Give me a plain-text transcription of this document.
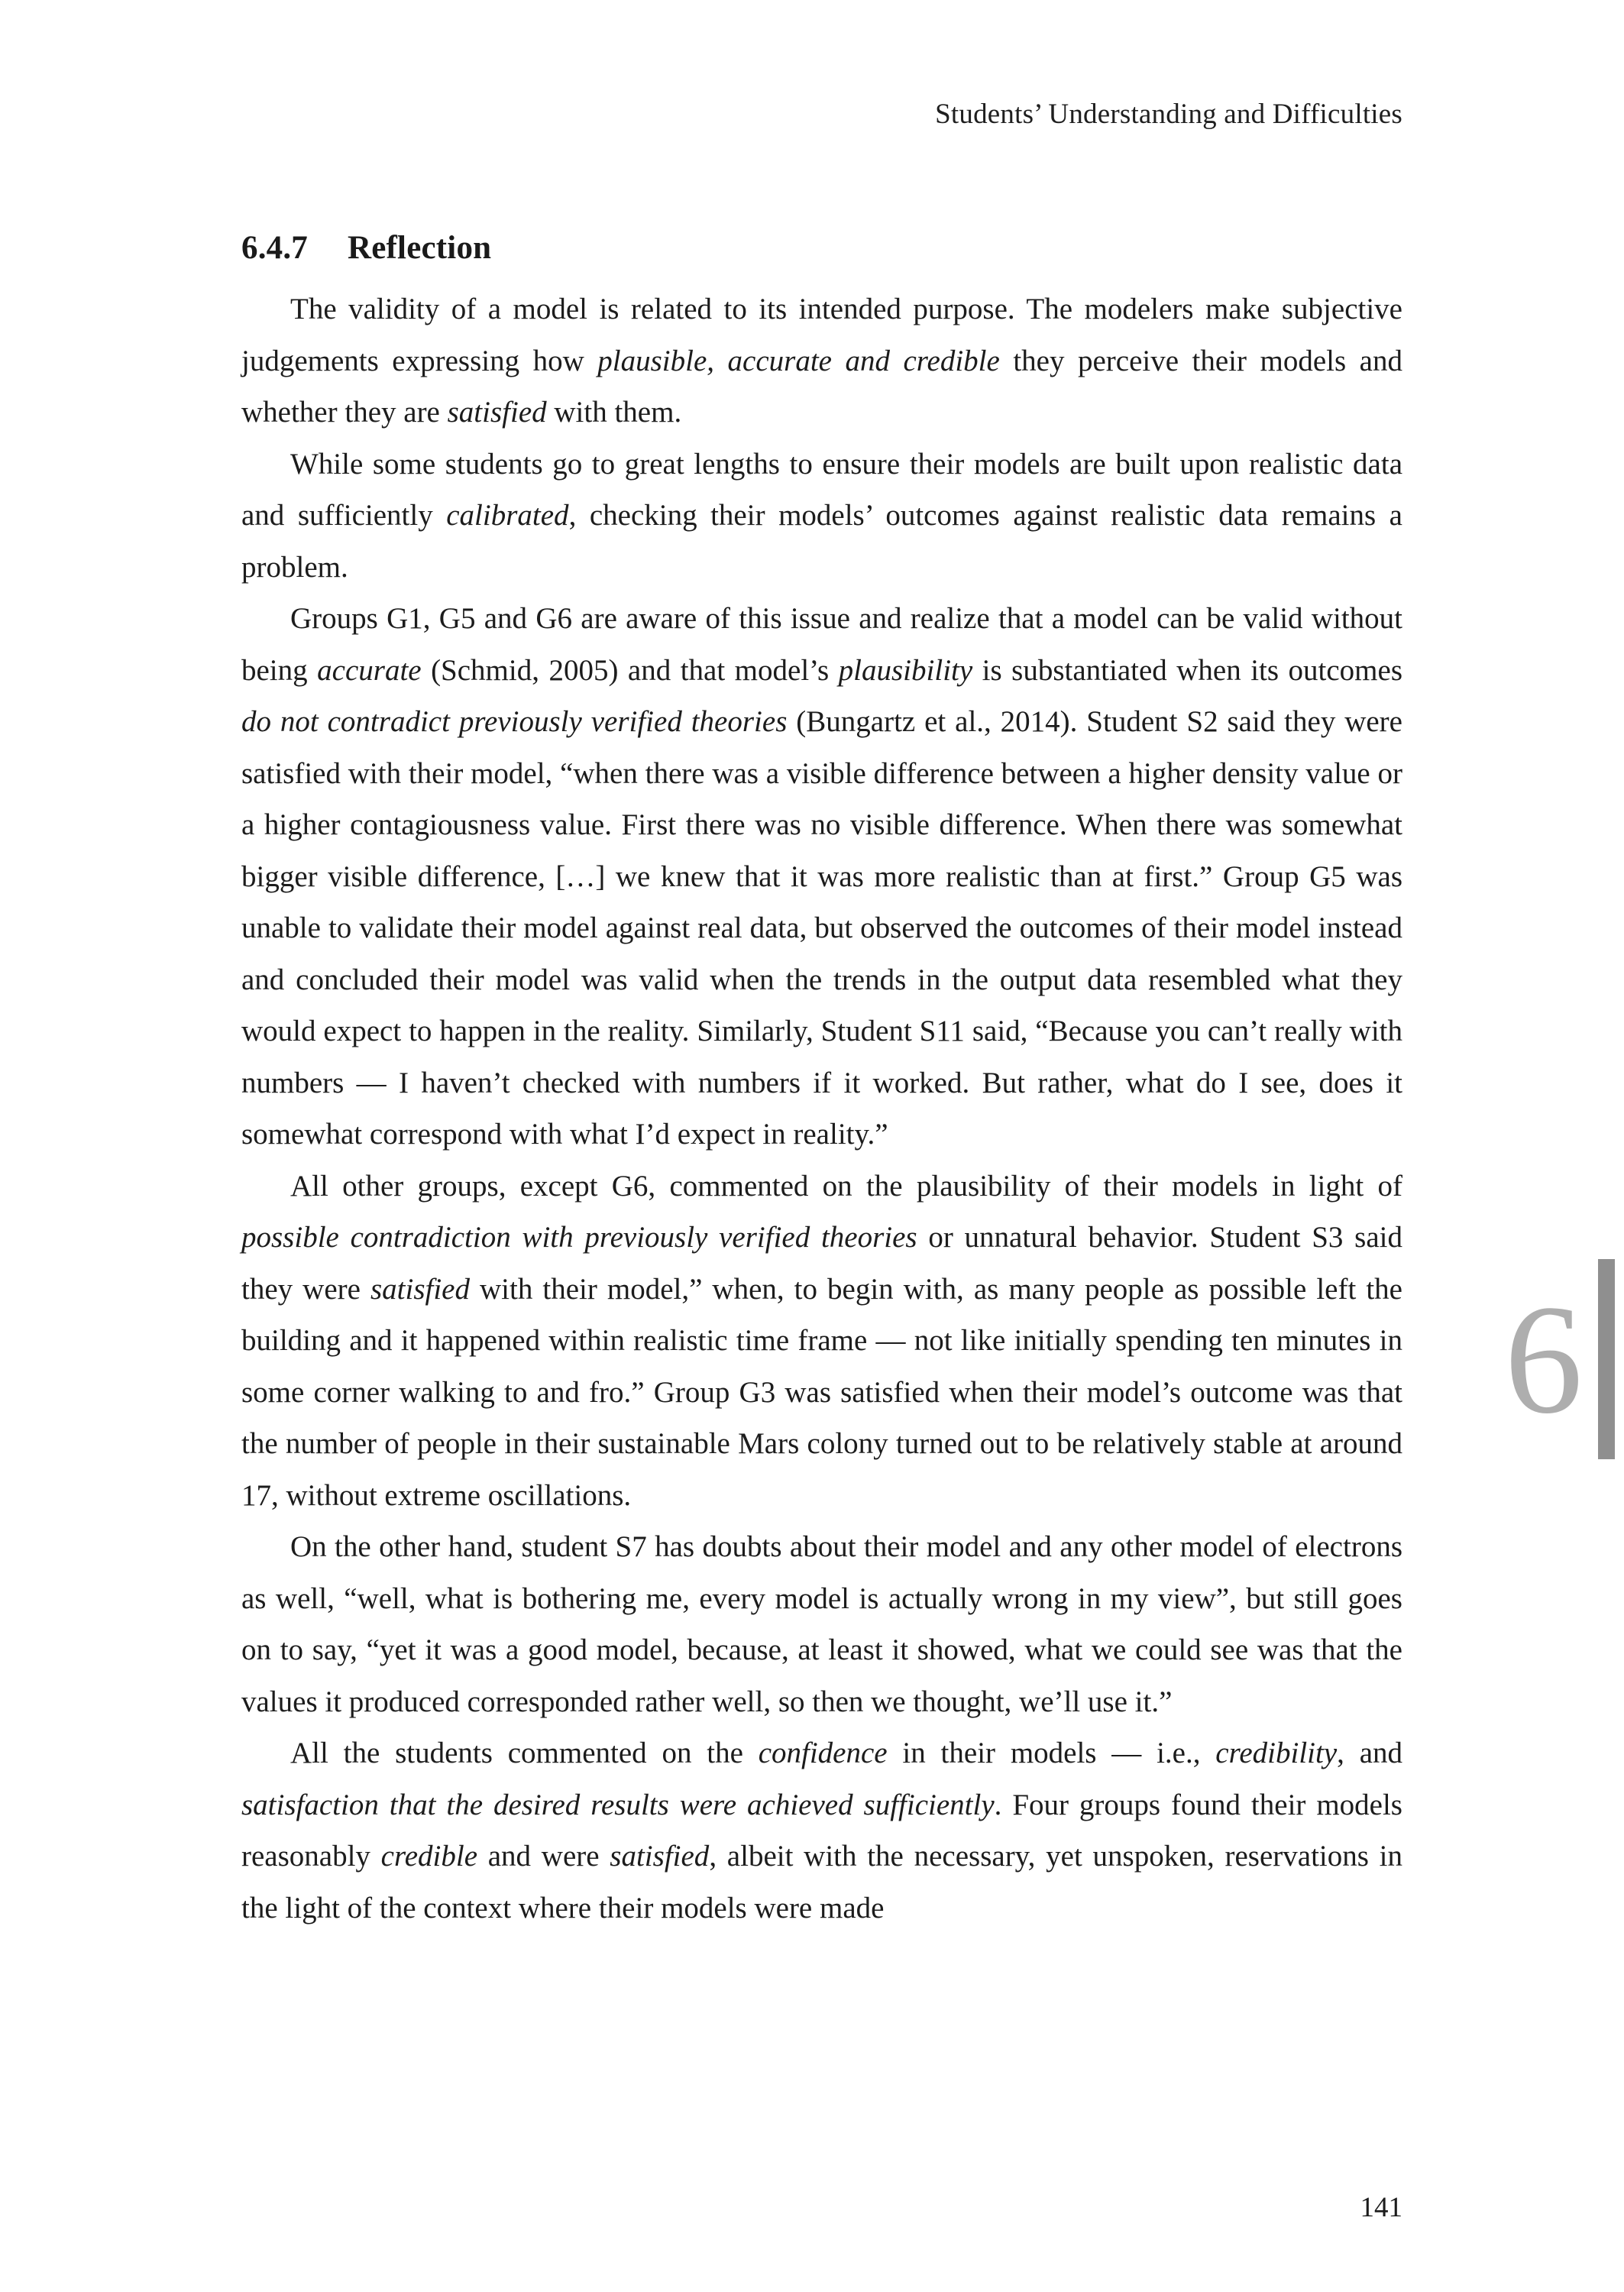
Students’ Understanding and Difficulties
6.4.7 Reflection

The validity of a model is related to its intended purpose. The modelers make subjective judgements expressing how plausible, accurate and credible they perceive their models and whether they are satisfied with them.

While some students go to great lengths to ensure their models are built upon realistic data and sufficiently calibrated, checking their models’ outcomes against realistic data remains a problem.

Groups G1, G5 and G6 are aware of this issue and realize that a model can be valid without being accurate (Schmid, 2005) and that model’s plausibility is substantiated when its outcomes do not contradict previously verified theories (Bungartz et al., 2014). Student S2 said they were satisfied with their model, “when there was a visible difference between a higher density value or a higher contagiousness value. First there was no visible difference. When there was somewhat bigger visible difference, […] we knew that it was more realistic than at first.” Group G5 was unable to validate their model against real data, but observed the outcomes of their model instead and concluded their model was valid when the trends in the output data resembled what they would expect to happen in the reality. Similarly, Student S11 said, “Because you can’t really with numbers — I haven’t checked with numbers if it worked. But rather, what do I see, does it somewhat correspond with what I’d expect in reality.”

All other groups, except G6, commented on the plausibility of their models in light of possible contradiction with previously verified theories or unnatural behavior. Student S3 said they were satisfied with their model,” when, to begin with, as many people as possible left the building and it happened within realistic time frame — not like initially spending ten minutes in some corner walking to and fro.” Group G3 was satisfied when their model’s outcome was that the number of people in their sustainable Mars colony turned out to be relatively stable at around 17, without extreme oscillations.

On the other hand, student S7 has doubts about their model and any other model of electrons as well, “well, what is bothering me, every model is actually wrong in my view”, but still goes on to say, “yet it was a good model, because, at least it showed, what we could see was that the values it produced corresponded rather well, so then we thought, we’ll use it.”

All the students commented on the confidence in their models — i.e., credibility, and satisfaction that the desired results were achieved sufficiently. Four groups found their models reasonably credible and were satisfied, albeit with the necessary, yet unspoken, reservations in the light of the context where their models were made

6
141
